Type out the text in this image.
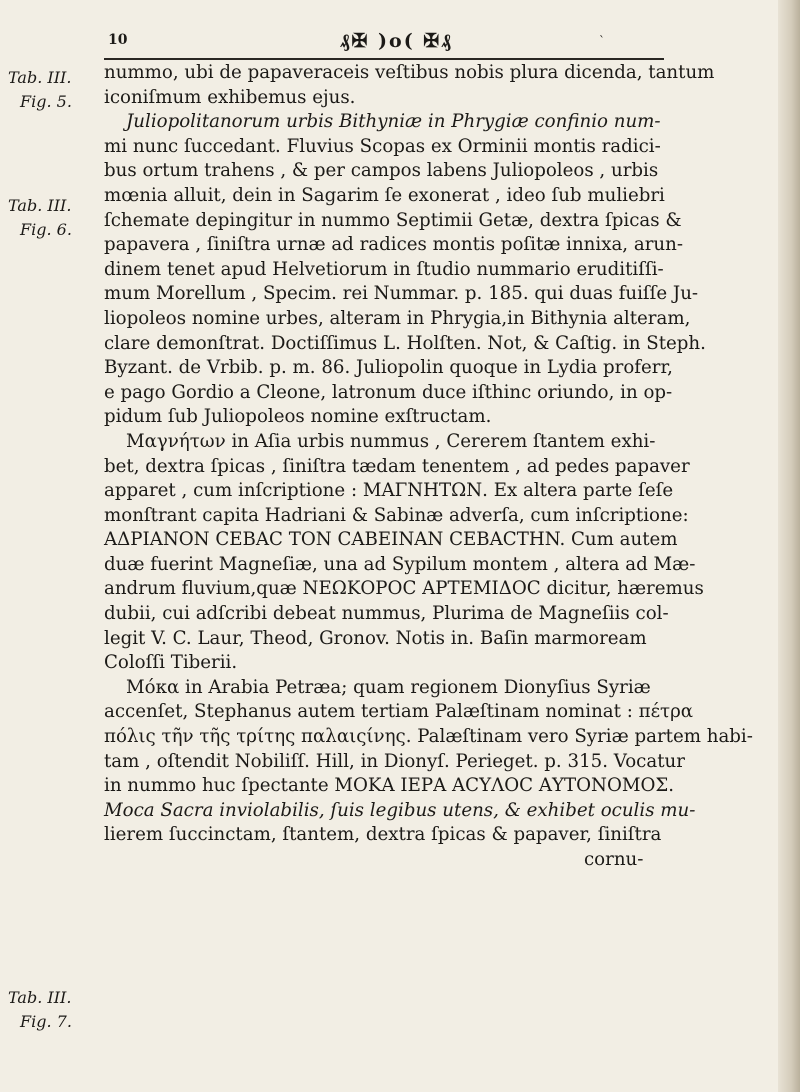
10	₰✠ )o( ✠₰	`
Tab. III.
Fig. 5.
Tab. III.
Fig. 6.
Tab. III.
Fig. 7.
nummo, ubi de papaveraceis veſtibus nobis plura dicenda, tantum
iconiſmum exhibemus ejus.
Juliopolitanorum urbis Bithyniæ in Phrygiæ confinio num-
mi nunc ſuccedant. Fluvius Scopas ex Orminii montis radici-
bus ortum trahens , & per campos labens Juliopoleos , urbis
mœnia alluit, dein in Sagarim ſe exonerat , ideo ſub muliebri
ſchemate depingitur in nummo Septimii Getæ, dextra ſpicas &
papavera , ſiniſtra urnæ ad radices montis poſitæ innixa, arun-
dinem tenet apud Helvetiorum in ſtudio nummario eruditiſſi-
mum Morellum , Specim. rei Nummar. p. 185. qui duas fuiſſe Ju-
liopoleos nomine urbes, alteram in Phrygia,in Bithynia alteram,
clare demonſtrat. Doctiſſimus L. Holſten. Not, & Caſtig. in Steph.
Byzant. de Vrbib. p. m. 86. Juliopolin quoque in Lydia proferr,
e pago Gordio a Cleone, latronum duce iſthinc oriundo, in op-
pidum ſub Juliopoleos nomine exſtructam.
Μαγνήτων in Aſia urbis nummus , Cererem ſtantem exhi-
bet, dextra ſpicas , ſiniſtra tædam tenentem , ad pedes papaver
apparet , cum inſcriptione : ΜΑΓΝΗΤΩΝ. Ex altera parte ſeſe
monſtrant capita Hadriani & Sabinæ adverſa, cum inſcriptione:
ΑΔΡΙΑΝΟΝ CEBAC TON CABEINAN CEBACTHN. Cum autem
duæ fuerint Magneſiæ, una ad Sypilum montem , altera ad Mæ-
andrum fluvium,quæ ΝΕΩΚΟΡΟC ΑΡΤΕΜΙΔΟC dicitur, hæremus
dubii, cui adſcribi debeat nummus, Plurima de Magneſiis col-
legit V. C. Laur, Theod, Gronov. Notis in. Baſin marmoream
Coloſſi Tiberii.
Μόκα in Arabia Petræa; quam regionem Dionyſius Syriæ
accenſet, Stephanus autem tertiam Palæſtinam nominat : πέτρα
πόλις τῆν τῆς τρίτης παλαιςίνης. Palæſtinam vero Syriæ partem habi-
tam , oſtendit Nobiliſſ. Hill, in Dionyſ. Perieget. p. 315. Vocatur
in nummo huc ſpectante ΜΟΚΑ ΙΕΡΑ ΑCΥΛΟC ΑΥΤΟΝΟΜΟΣ.
Moca Sacra inviolabilis, ſuis legibus utens, & exhibet oculis mu-
lierem ſuccinctam, ſtantem, dextra ſpicas & papaver, ſiniſtra
cornu-
